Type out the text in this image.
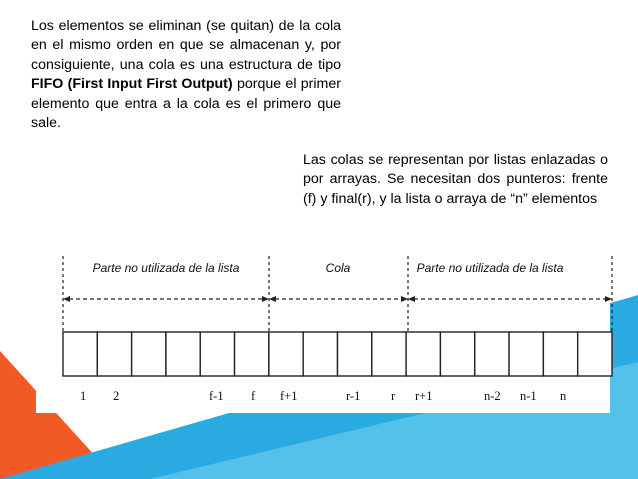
Los elementos se eliminan (se quitan) de la cola en el mismo orden en que se almacenan y, por consiguiente, una cola es una estructura de tipo FIFO (First Input First Output) porque el primer elemento que entra a la cola es el primero que sale.

Las colas se representan por listas enlazadas o por arrayas. Se necesitan dos punteros: frente (f) y final(r), y la lista o arraya de “n” elementos

Parte no utilizada de la lista	Cola	Parte no utilizada de la lista
1 2	f-1 f f+1	r-1 r r+1	n-2 n-1 n
